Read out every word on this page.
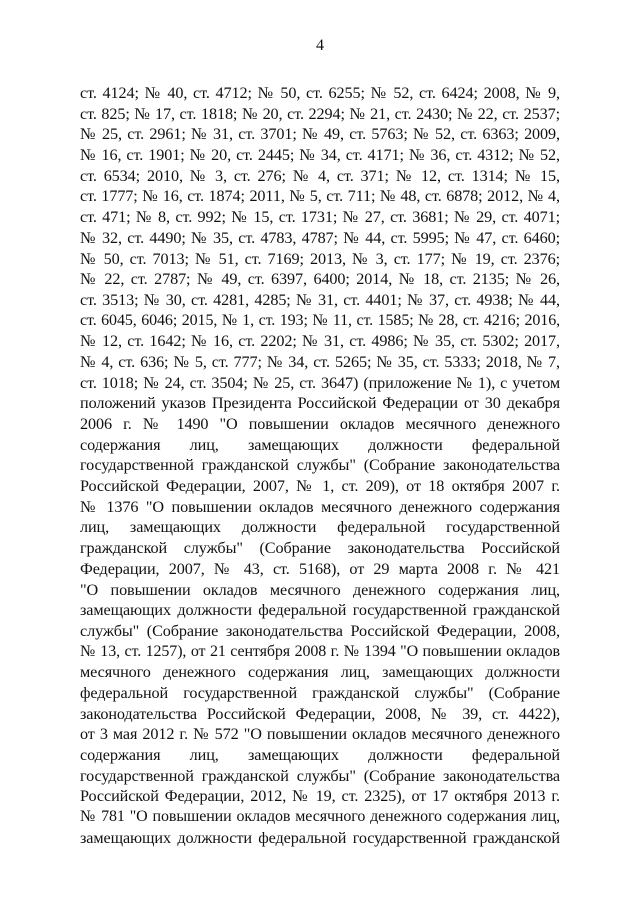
4
ст. 4124; № 40, ст. 4712; № 50, ст. 6255; № 52, ст. 6424; 2008, № 9,
ст. 825; № 17, ст. 1818; № 20, ст. 2294; № 21, ст. 2430; № 22, ст. 2537;
№ 25, ст. 2961; № 31, ст. 3701; № 49, ст. 5763; № 52, ст. 6363; 2009,
№ 16, ст. 1901; № 20, ст. 2445; № 34, ст. 4171; № 36, ст. 4312; № 52,
ст. 6534; 2010, № 3, ст. 276; № 4, ст. 371; № 12, ст. 1314; № 15,
ст. 1777; № 16, ст. 1874; 2011, № 5, ст. 711; № 48, ст. 6878; 2012, № 4,
ст. 471; № 8, ст. 992; № 15, ст. 1731; № 27, ст. 3681; № 29, ст. 4071;
№ 32, ст. 4490; № 35, ст. 4783, 4787; № 44, ст. 5995; № 47, ст. 6460;
№ 50, ст. 7013; № 51, ст. 7169; 2013, № 3, ст. 177; № 19, ст. 2376;
№ 22, ст. 2787; № 49, ст. 6397, 6400; 2014, № 18, ст. 2135; № 26,
ст. 3513; № 30, ст. 4281, 4285; № 31, ст. 4401; № 37, ст. 4938; № 44,
ст. 6045, 6046; 2015, № 1, ст. 193; № 11, ст. 1585; № 28, ст. 4216; 2016,
№ 12, ст. 1642; № 16, ст. 2202; № 31, ст. 4986; № 35, ст. 5302; 2017,
№ 4, ст. 636; № 5, ст. 777; № 34, ст. 5265; № 35, ст. 5333; 2018, № 7,
ст. 1018; № 24, ст. 3504; № 25, ст. 3647) (приложение № 1), с учетом
положений указов Президента Российской Федерации от 30 декабря
2006 г. № 1490 "О повышении окладов месячного денежного
содержания лиц, замещающих должности федеральной
государственной гражданской службы" (Собрание законодательства
Российской Федерации, 2007, № 1, ст. 209), от 18 октября 2007 г.
№ 1376 "О повышении окладов месячного денежного содержания
лиц, замещающих должности федеральной государственной
гражданской службы" (Собрание законодательства Российской
Федерации, 2007, № 43, ст. 5168), от 29 марта 2008 г. № 421
"О повышении окладов месячного денежного содержания лиц,
замещающих должности федеральной государственной гражданской
службы" (Собрание законодательства Российской Федерации, 2008,
№ 13, ст. 1257), от 21 сентября 2008 г. № 1394 "О повышении окладов
месячного денежного содержания лиц, замещающих должности
федеральной государственной гражданской службы" (Собрание
законодательства Российской Федерации, 2008, № 39, ст. 4422),
от 3 мая 2012 г. № 572 "О повышении окладов месячного денежного
содержания лиц, замещающих должности федеральной
государственной гражданской службы" (Собрание законодательства
Российской Федерации, 2012, № 19, ст. 2325), от 17 октября 2013 г.
№ 781 "О повышении окладов месячного денежного содержания лиц,
замещающих должности федеральной государственной гражданской
